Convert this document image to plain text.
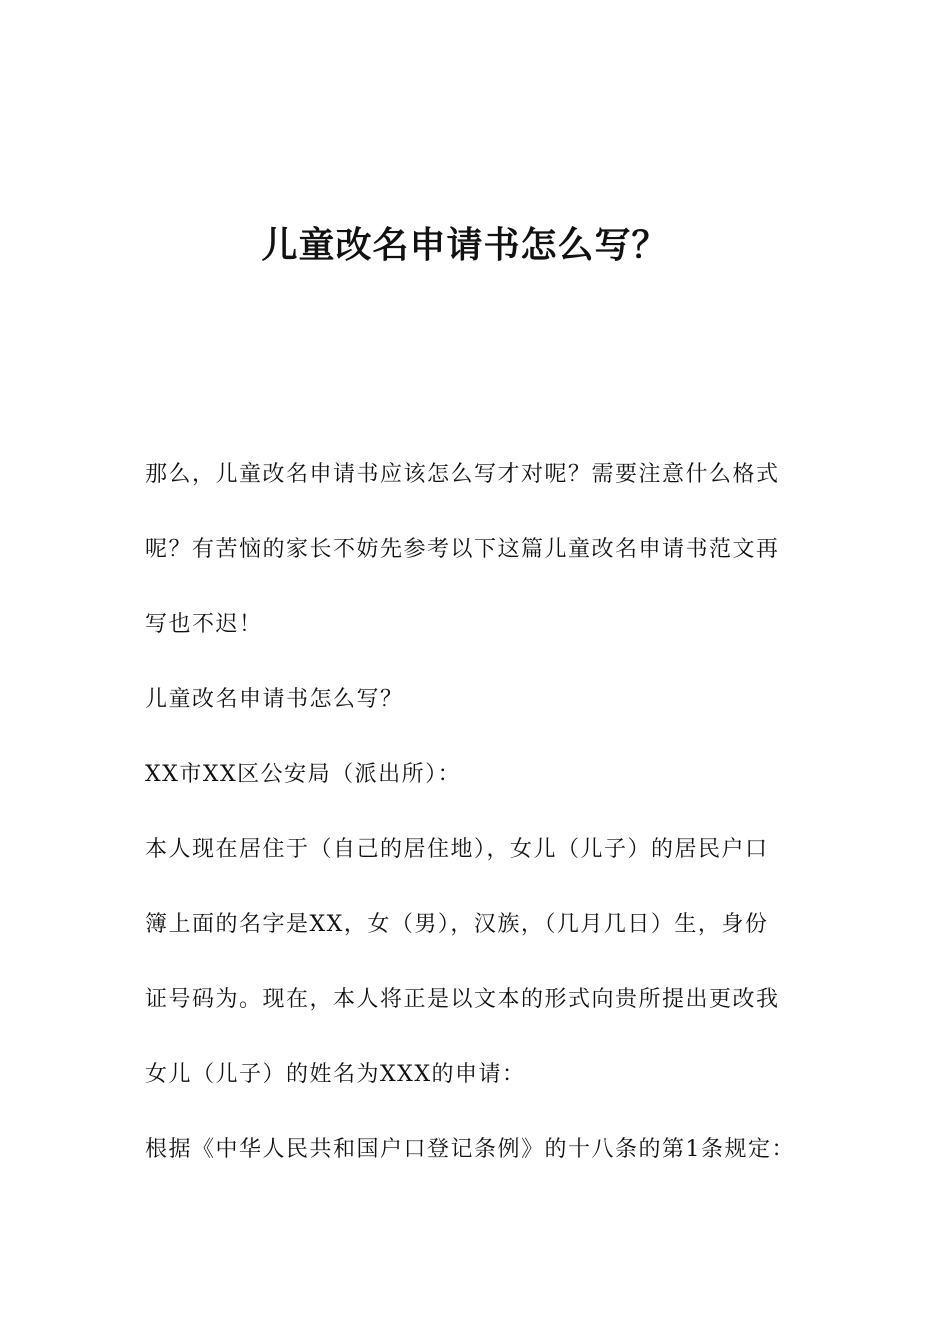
儿童改名申请书怎么写？
那么，儿童改名申请书应该怎么写才对呢？需要注意什么格式
呢？有苦恼的家长不妨先参考以下这篇儿童改名申请书范文再
写也不迟！
儿童改名申请书怎么写？
XX市XX区公安局（派出所）：
本人现在居住于（自己的居住地），女儿（儿子）的居民户口
簿上面的名字是XX，女（男），汉族，（几月几日）生，身份
证号码为。现在，本人将正是以文本的形式向贵所提出更改我
女儿（儿子）的姓名为XXX的申请：
根据《中华人民共和国户口登记条例》的十八条的第1条规定：
